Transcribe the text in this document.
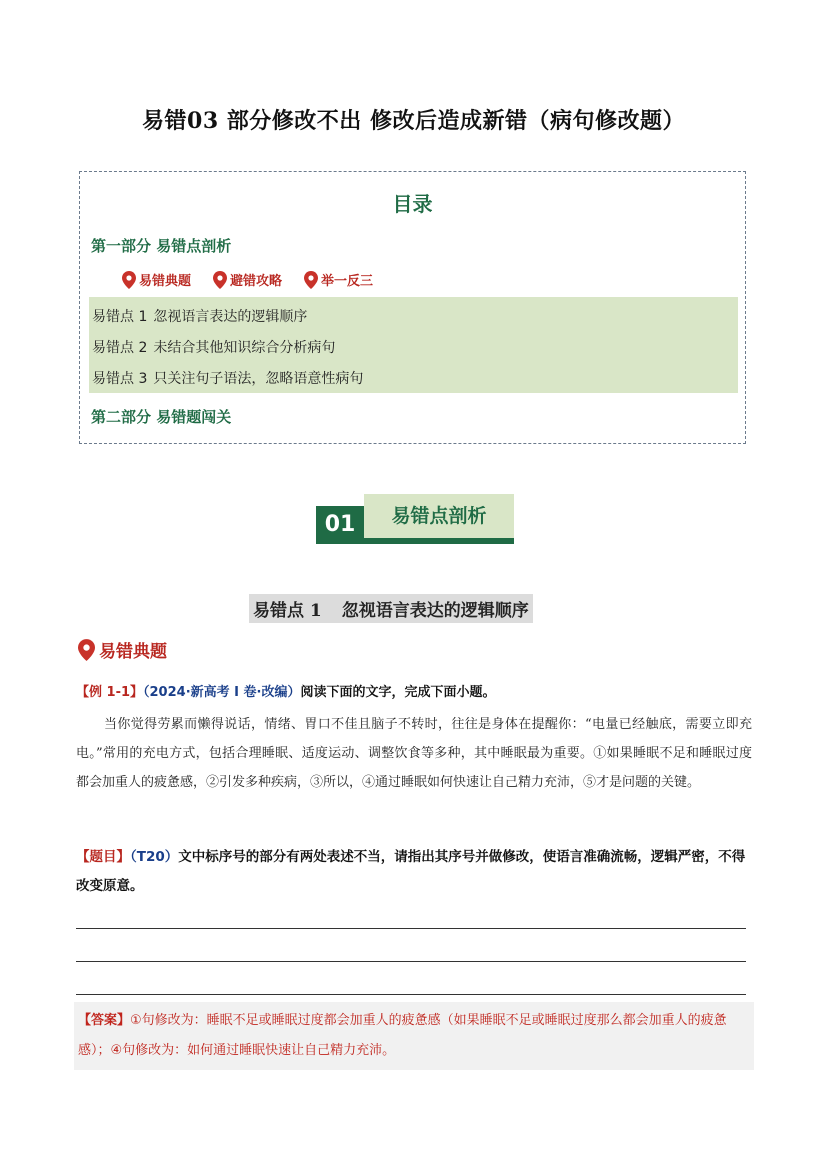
易错03 部分修改不出 修改后造成新错（病句修改题）
目录
第一部分 易错点剖析
易错典题	避错攻略	举一反三
易错点 1 忽视语言表达的逻辑顺序
易错点 2 未结合其他知识综合分析病句
易错点 3 只关注句子语法，忽略语意性病句
第二部分 易错题闯关
01	易错点剖析
易错点 1 忽视语言表达的逻辑顺序
易错典题
【例 1-1】（2024·新高考 I 卷·改编）阅读下面的文字，完成下面小题。
当你觉得劳累而懒得说话，情绪、胃口不佳且脑子不转时，往往是身体在提醒你：“电量已经触底，需要立即充电。”常用的充电方式，包括合理睡眠、适度运动、调整饮食等多种，其中睡眠最为重要。①如果睡眠不足和睡眠过度都会加重人的疲惫感，②引发多种疾病，③所以，④通过睡眠如何快速让自己精力充沛，⑤才是问题的关键。
【题目】（T20）文中标序号的部分有两处表述不当，请指出其序号并做修改，使语言准确流畅，逻辑严密，不得改变原意。
【答案】①句修改为：睡眠不足或睡眠过度都会加重人的疲惫感（如果睡眠不足或睡眠过度那么都会加重人的疲惫感）；④句修改为：如何通过睡眠快速让自己精力充沛。
